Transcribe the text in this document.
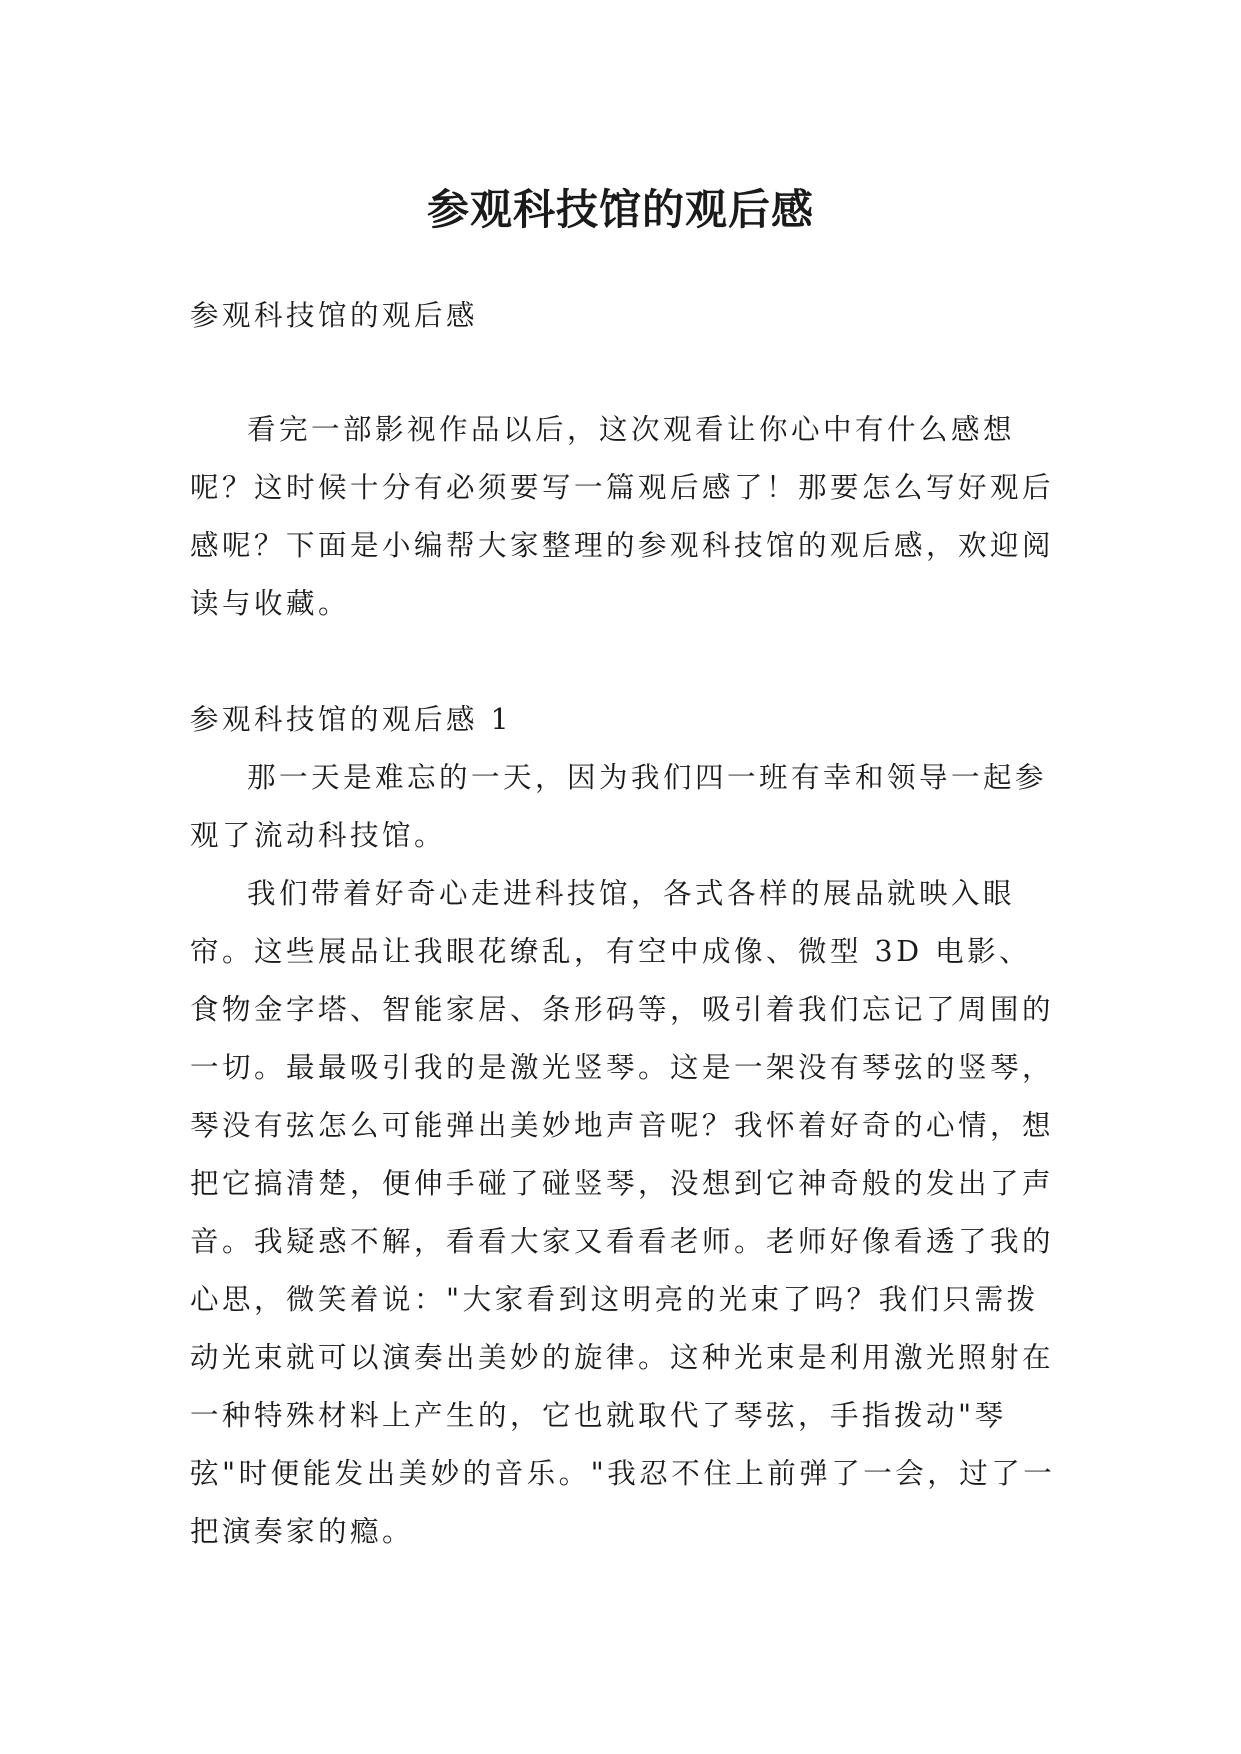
参观科技馆的观后感

参观科技馆的观后感

看完一部影视作品以后，这次观看让你心中有什么感想呢？这时候十分有必须要写一篇观后感了！那要怎么写好观后感呢？下面是小编帮大家整理的参观科技馆的观后感，欢迎阅读与收藏。

参观科技馆的观后感 1

那一天是难忘的一天，因为我们四一班有幸和领导一起参观了流动科技馆。

我们带着好奇心走进科技馆，各式各样的展品就映入眼帘。这些展品让我眼花缭乱，有空中成像、微型 3D 电影、食物金字塔、智能家居、条形码等，吸引着我们忘记了周围的一切。最最吸引我的是激光竖琴。这是一架没有琴弦的竖琴，琴没有弦怎么可能弹出美妙地声音呢？我怀着好奇的心情，想把它搞清楚，便伸手碰了碰竖琴，没想到它神奇般的发出了声音。我疑惑不解，看看大家又看看老师。老师好像看透了我的心思，微笑着说："大家看到这明亮的光束了吗？我们只需拨动光束就可以演奏出美妙的旋律。这种光束是利用激光照射在一种特殊材料上产生的，它也就取代了琴弦，手指拨动"琴弦"时便能发出美妙的音乐。"我忍不住上前弹了一会，过了一把演奏家的瘾。
